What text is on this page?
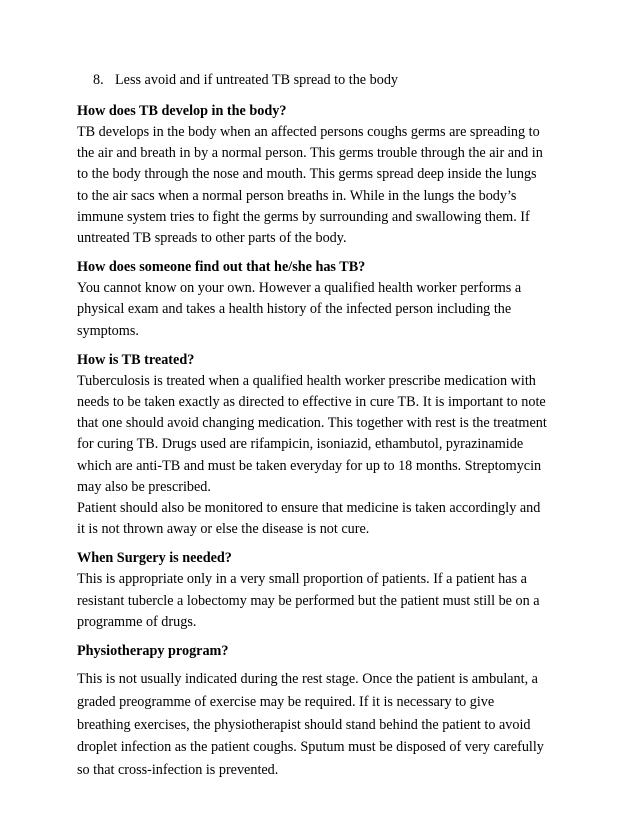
8. Less avoid and if untreated TB spread to the body
How does TB develop in the body?

TB develops in the body when an affected persons coughs germs are spreading to
the air and breath in by a normal person. This germs trouble through the air and in
to the body through the nose and mouth. This germs spread deep inside the lungs
to the air sacs when a normal person breaths in. While in the lungs the body’s
immune system tries to fight the germs by surrounding and swallowing them. If
untreated TB spreads to other parts of the body.

How does someone find out that he/she has TB?

You cannot know on your own. However a qualified health worker performs a
physical exam and takes a health history of the infected person including the
symptoms.

How is TB treated?

Tuberculosis is treated when a qualified health worker prescribe medication with
needs to be taken exactly as directed to effective in cure TB. It is important to note
that one should avoid changing medication. This together with rest is the treatment
for curing TB. Drugs used are rifampicin, isoniazid, ethambutol, pyrazinamide
which are anti-TB and must be taken everyday for up to 18 months. Streptomycin
may also be prescribed.
Patient should also be monitored to ensure that medicine is taken accordingly and
it is not thrown away or else the disease is not cure.

When Surgery is needed?

This is appropriate only in a very small proportion of patients. If a patient has a
resistant tubercle a lobectomy may be performed but the patient must still be on a
programme of drugs.

Physiotherapy program?

This is not usually indicated during the rest stage. Once the patient is ambulant, a
graded preogramme of exercise may be required. If it is necessary to give
breathing exercises, the physiotherapist should stand behind the patient to avoid
droplet infection as the patient coughs. Sputum must be disposed of very carefully
so that cross-infection is prevented.
